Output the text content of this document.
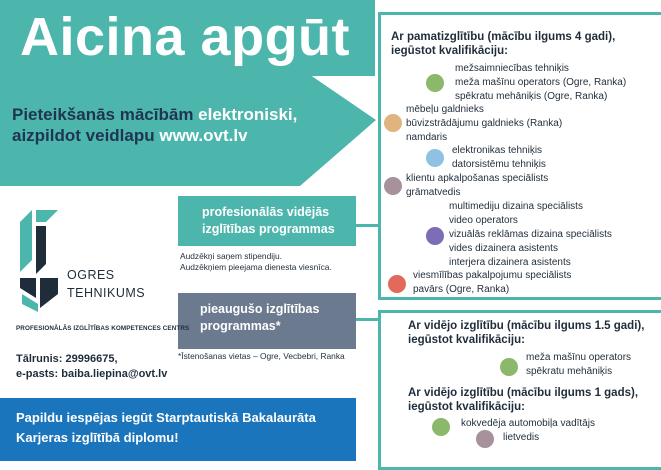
Aicina apgūt
Pieteikšanās mācībām elektroniski,
aizpildot veidlapu www.ovt.lv
profesionālās vidējās
izglītības programmas
Audzēkņi saņem stipendiju.
Audzēkņiem pieejama dienesta viesnīca.
pieaugušo izglītības
programmas*
*Īstenošanas vietas – Ogre, Vecbebri, Ranka
OGRES
TEHNIKUMS
PROFESIONĀLĀS IZGLĪTĪBAS KOMPETENCES CENTRS
Tālrunis: 29996675,
e-pasts: baiba.liepina@ovt.lv
Papildu iespējas iegūt Starptautiskā Bakalaurāta
Karjeras izglītībā diplomu!
Ar pamatizglītību (mācību ilgums 4 gadi),
iegūstot kvalifikāciju:
mežsaimniecības tehniķis
meža mašīnu operators (Ogre, Ranka)
spēkratu mehāniķis (Ogre, Ranka)
mēbeļu galdnieks
būvizstrādājumu galdnieks (Ranka)
namdaris
elektronikas tehniķis
datorsistēmu tehniķis
klientu apkalpošanas speciālists
grāmatvedis
multimediju dizaina speciālists
video operators
vizuālās reklāmas dizaina speciālists
vides dizainera asistents
interjera dizainera asistents
viesmīlības pakalpojumu speciālists
pavārs (Ogre, Ranka)
Ar vidējo izglītību (mācību ilgums 1.5 gadi),
iegūstot kvalifikāciju:
meža mašīnu operators
spēkratu mehāniķis
Ar vidējo izglītību (mācību ilgums 1 gads),
iegūstot kvalifikāciju:
kokvedēja automobiļa vadītājs
lietvedis
